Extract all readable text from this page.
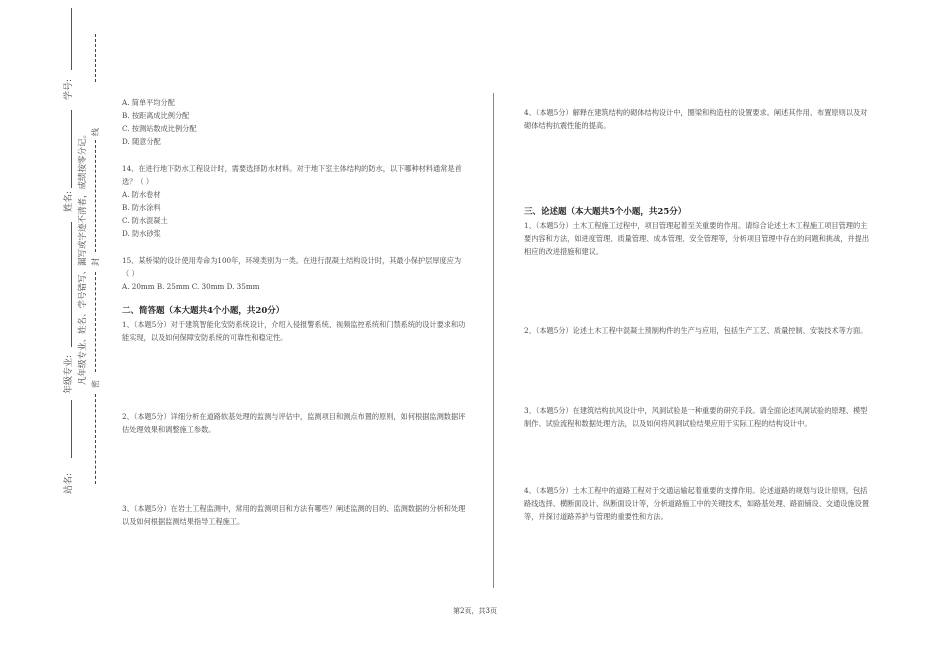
学号:
姓名:
年级专业:
站名:
凡年级专业、姓名、学号错写、漏写或字迹不清者，成绩按零分记。 线
封
密

A. 简单平均分配

B. 按距离成比例分配

C. 按测站数成比例分配

D. 随意分配

14、在进行地下防水工程设计时，需要选择防水材料。对于地下室主体结构的防水，以下哪种材料通常是首选？（ ）

A. 防水卷材

B. 防水涂料

C. 防水混凝土

D. 防水砂浆

15、某桥梁的设计使用寿命为100年，环境类别为一类。在进行混凝土结构设计时，其最小保护层厚度应为（ ）

A. 20mm B. 25mm C. 30mm D. 35mm

二、简答题（本大题共4个小题，共20分）

1、（本题5分）对于建筑智能化安防系统设计，介绍入侵报警系统、视频监控系统和门禁系统的设计要求和功能实现，以及如何保障安防系统的可靠性和稳定性。

2、（本题5分）详细分析在道路软基处理的监测与评估中，监测项目和测点布置的原则，如何根据监测数据评估处理效果和调整施工参数。

3、（本题5分）在岩土工程监测中，常用的监测项目和方法有哪些？阐述监测的目的、监测数据的分析和处理以及如何根据监测结果指导工程施工。

4、（本题5分）解释在建筑结构的砌体结构设计中，圈梁和构造柱的设置要求。阐述其作用、布置原则以及对砌体结构抗震性能的提高。

三、论述题（本大题共5个小题，共25分）

1、（本题5分）土木工程施工过程中，项目管理起着至关重要的作用。请综合论述土木工程施工项目管理的主要内容和方法，如进度管理、质量管理、成本管理、安全管理等，分析项目管理中存在的问题和挑战，并提出相应的改进措施和建议。

2、（本题5分）论述土木工程中混凝土预制构件的生产与应用，包括生产工艺、质量控制、安装技术等方面。

3、（本题5分）在建筑结构抗风设计中，风洞试验是一种重要的研究手段。请全面论述风洞试验的原理、模型制作、试验流程和数据处理方法，以及如何将风洞试验结果应用于实际工程的结构设计中。

4、（本题5分）土木工程中的道路工程对于交通运输起着重要的支撑作用。论述道路的规划与设计原则，包括路线选择、横断面设计、纵断面设计等，分析道路施工中的关键技术，如路基处理、路面铺设、交通设施设置等，并探讨道路养护与管理的重要性和方法。

第2页，共3页
